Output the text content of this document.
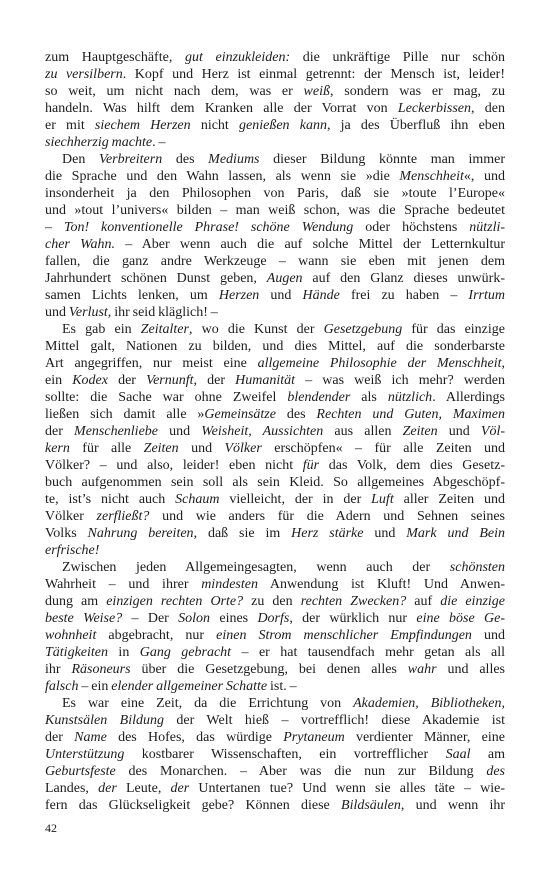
zum Hauptgeschäfte, gut einzukleiden: die unkräftige Pille nur schön
zu versilbern. Kopf und Herz ist einmal getrennt: der Mensch ist, leider!
so weit, um nicht nach dem, was er weiß, sondern was er mag, zu
handeln. Was hilft dem Kranken alle der Vorrat von Leckerbissen, den
er mit siechem Herzen nicht genießen kann, ja des Überfluß ihn eben
siechherzig machte. –
Den Verbreitern des Mediums dieser Bildung könnte man immer
die Sprache und den Wahn lassen, als wenn sie »die Menschheit«, und
insonderheit ja den Philosophen von Paris, daß sie »toute l’Europe«
und »tout l’univers« bilden – man weiß schon, was die Sprache bedeutet
– Ton! konventionelle Phrase! schöne Wendung oder höchstens nützli-
cher Wahn. – Aber wenn auch die auf solche Mittel der Letternkultur
fallen, die ganz andre Werkzeuge – wann sie eben mit jenen dem
Jahrhundert schönen Dunst geben, Augen auf den Glanz dieses unwürk-
samen Lichts lenken, um Herzen und Hände frei zu haben – Irrtum
und Verlust, ihr seid kläglich! –
Es gab ein Zeitalter, wo die Kunst der Gesetzgebung für das einzige
Mittel galt, Nationen zu bilden, und dies Mittel, auf die sonderbarste
Art angegriffen, nur meist eine allgemeine Philosophie der Menschheit,
ein Kodex der Vernunft, der Humanität – was weiß ich mehr? werden
sollte: die Sache war ohne Zweifel blendender als nützlich. Allerdings
ließen sich damit alle »Gemeinsätze des Rechten und Guten, Maximen
der Menschenliebe und Weisheit, Aussichten aus allen Zeiten und Völ-
kern für alle Zeiten und Völker erschöpfen« – für alle Zeiten und
Völker? – und also, leider! eben nicht für das Volk, dem dies Gesetz-
buch aufgenommen sein soll als sein Kleid. So allgemeines Abgeschöpf-
te, ist’s nicht auch Schaum vielleicht, der in der Luft aller Zeiten und
Völker zerfließt? und wie anders für die Adern und Sehnen seines
Volks Nahrung bereiten, daß sie im Herz stärke und Mark und Bein
erfrische!
Zwischen jeden Allgemeingesagten, wenn auch der schönsten
Wahrheit – und ihrer mindesten Anwendung ist Kluft! Und Anwen-
dung am einzigen rechten Orte? zu den rechten Zwecken? auf die einzige
beste Weise? – Der Solon eines Dorfs, der würklich nur eine böse Ge-
wohnheit abgebracht, nur einen Strom menschlicher Empfindungen und
Tätigkeiten in Gang gebracht – er hat tausendfach mehr getan als all
ihr Räsoneurs über die Gesetzgebung, bei denen alles wahr und alles
falsch – ein elender allgemeiner Schatte ist. –
Es war eine Zeit, da die Errichtung von Akademien, Bibliotheken,
Kunstsälen Bildung der Welt hieß – vortrefflich! diese Akademie ist
der Name des Hofes, das würdige Prytaneum verdienter Männer, eine
Unterstützung kostbarer Wissenschaften, ein vortrefflicher Saal am
Geburtsfeste des Monarchen. – Aber was die nun zur Bildung des
Landes, der Leute, der Untertanen tue? Und wenn sie alles täte – wie-
fern das Glückseligkeit gebe? Können diese Bildsäulen, und wenn ihr
42
